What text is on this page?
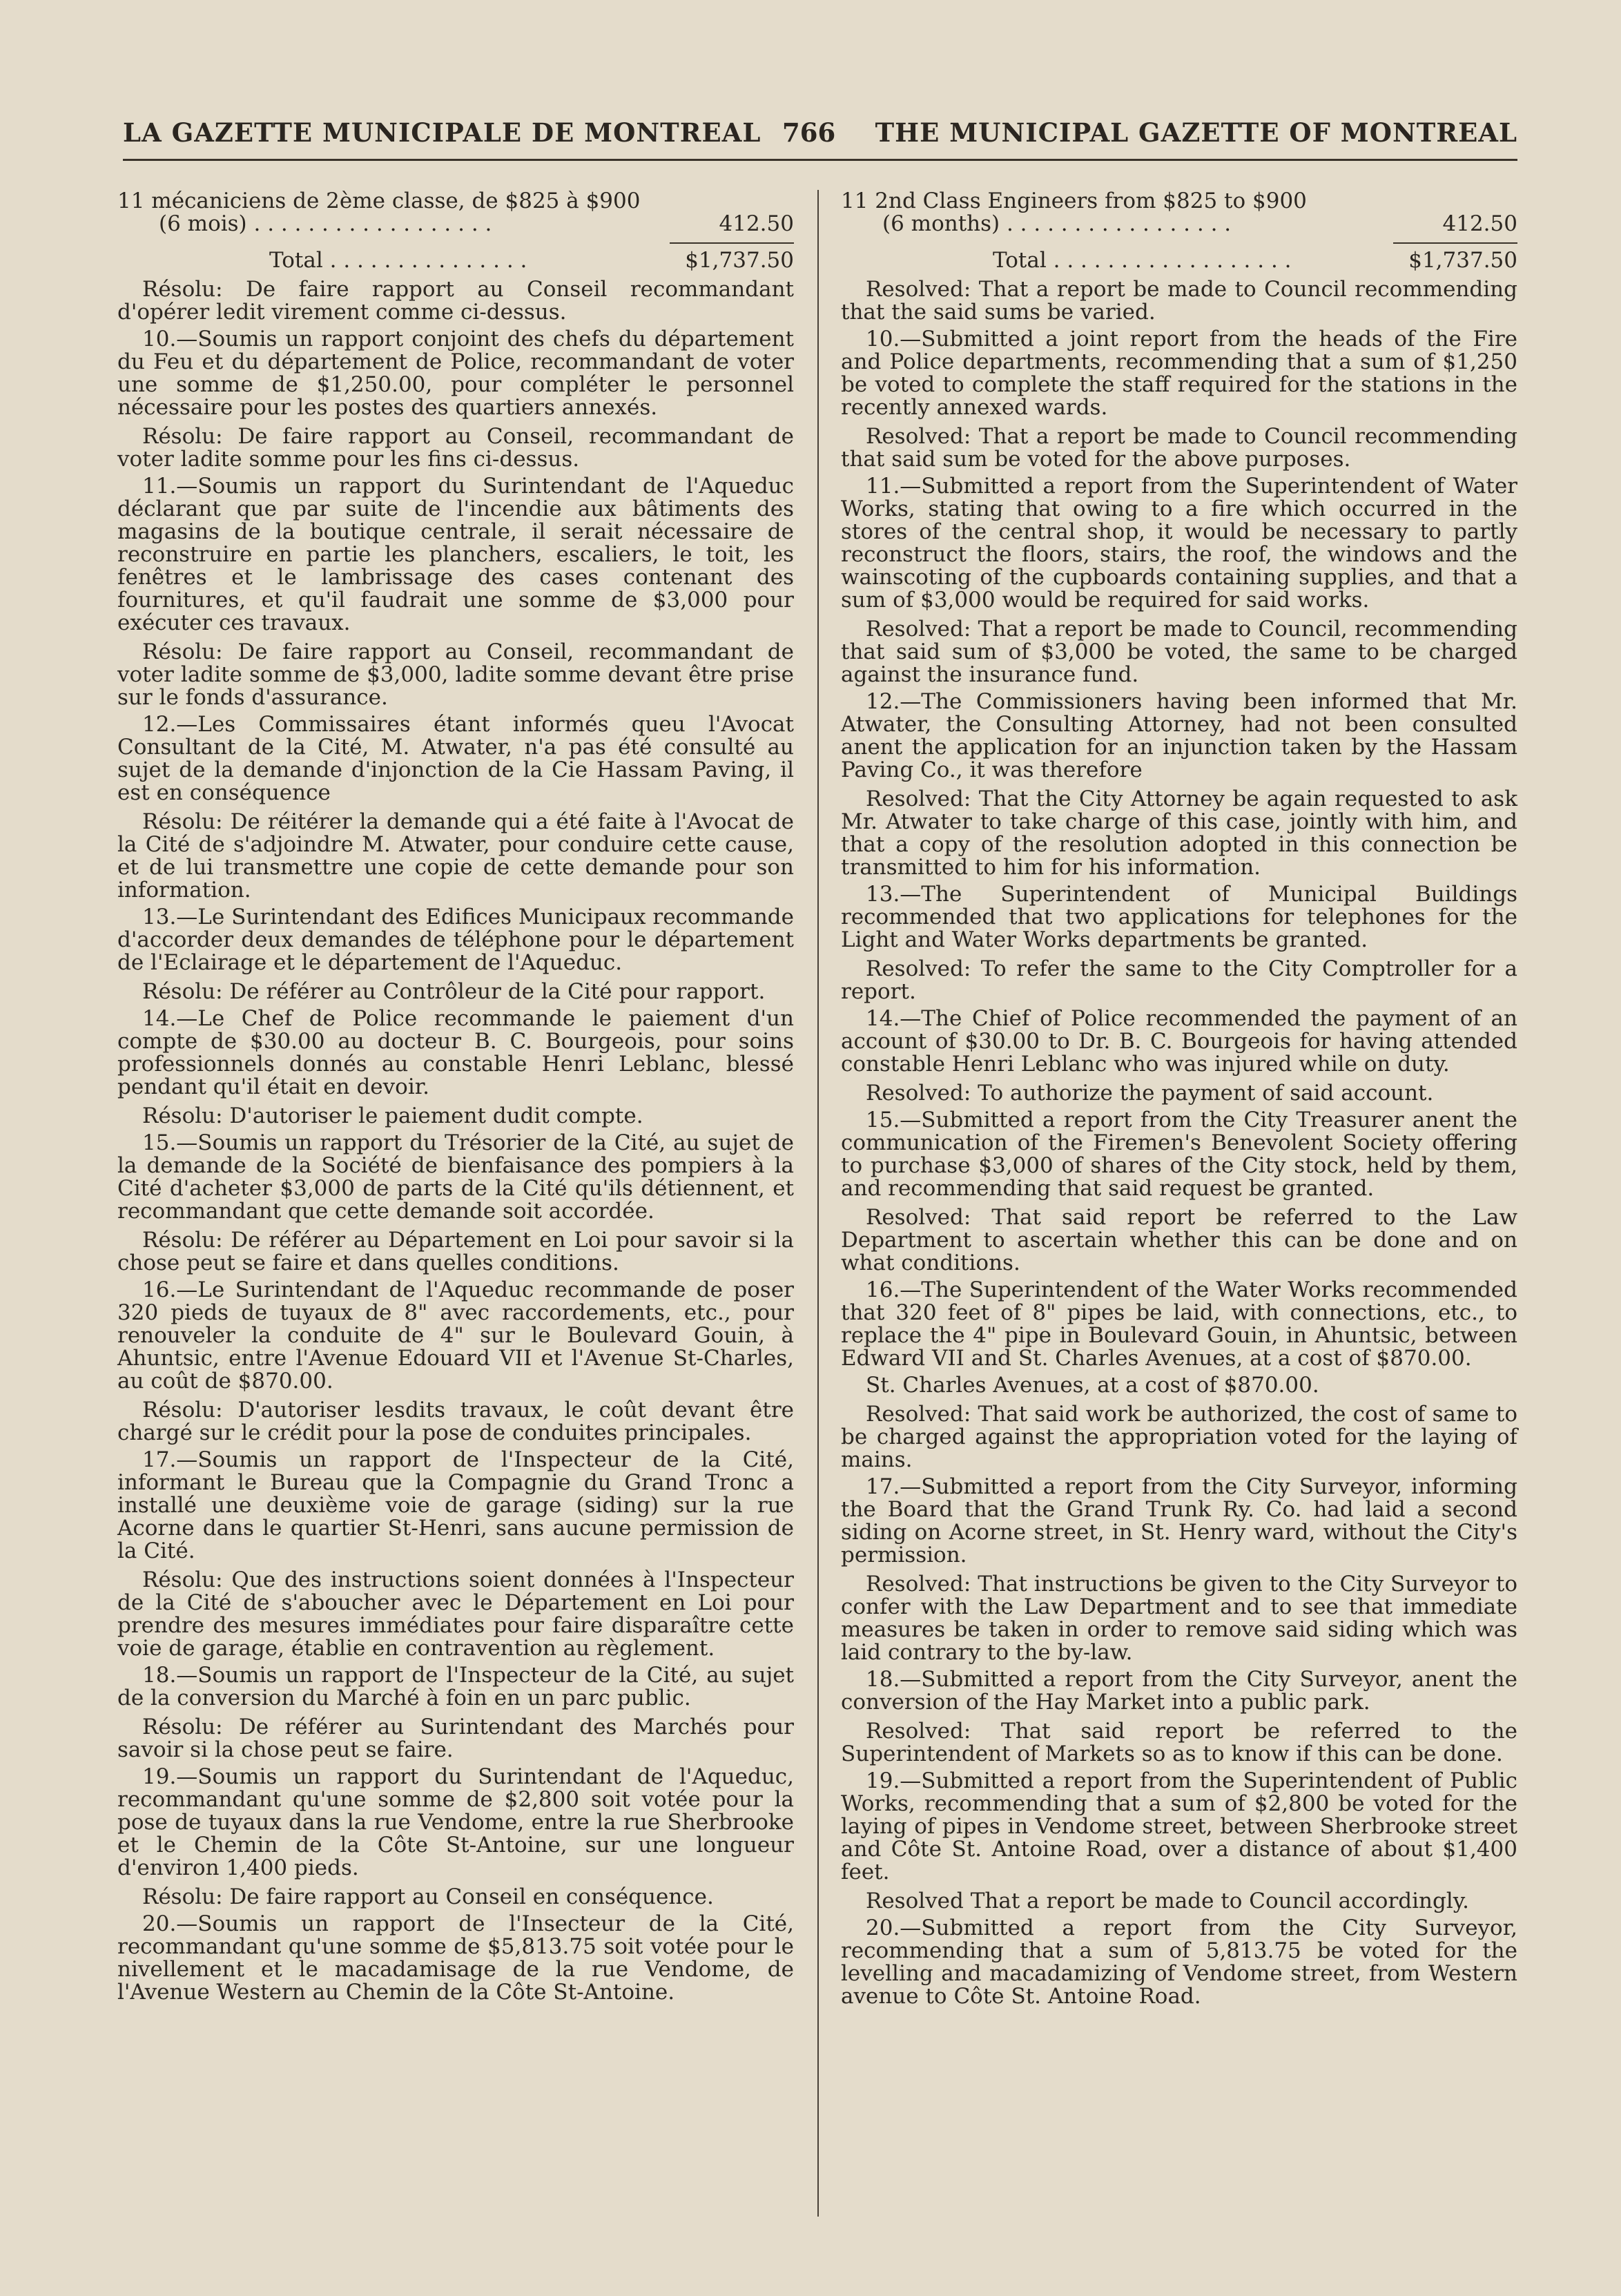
LA GAZETTE MUNICIPALE DE MONTREAL 766 THE MUNICIPAL GAZETTE OF MONTREAL

11 mécaniciens de 2ème classe, de $825 à $900

(6 mois) . . . . . . . . . . . . . . . . . .	412.50

Total . . . . . . . . . . . . . . .	$1,737.50

Résolu: De faire rapport au Conseil recommandant d'opérer ledit virement comme ci-dessus.

10.—Soumis un rapport conjoint des chefs du département du Feu et du département de Police, recommandant de voter une somme de $1,250.00, pour compléter le personnel nécessaire pour les postes des quartiers annexés.

Résolu: De faire rapport au Conseil, recommandant de voter ladite somme pour les fins ci-dessus.

11.—Soumis un rapport du Surintendant de l'Aqueduc déclarant que par suite de l'incendie aux bâtiments des magasins de la boutique centrale, il serait nécessaire de reconstruire en partie les planchers, escaliers, le toit, les fenêtres et le lambrissage des cases contenant des fournitures, et qu'il faudrait une somme de $3,000 pour exécuter ces travaux.

Résolu: De faire rapport au Conseil, recommandant de voter ladite somme de $3,000, ladite somme devant être prise sur le fonds d'assurance.

12.—Les Commissaires étant informés queu l'Avocat Consultant de la Cité, M. Atwater, n'a pas été consulté au sujet de la demande d'injonction de la Cie Hassam Paving, il est en conséquence

Résolu: De réitérer la demande qui a été faite à l'Avocat de la Cité de s'adjoindre M. Atwater, pour conduire cette cause, et de lui transmettre une copie de cette demande pour son information.

13.—Le Surintendant des Edifices Municipaux recommande d'accorder deux demandes de téléphone pour le département de l'Eclairage et le département de l'Aqueduc.

Résolu: De référer au Contrôleur de la Cité pour rapport.

14.—Le Chef de Police recommande le paiement d'un compte de $30.00 au docteur B. C. Bourgeois, pour soins professionnels donnés au constable Henri Leblanc, blessé pendant qu'il était en devoir.

Résolu: D'autoriser le paiement dudit compte.

15.—Soumis un rapport du Trésorier de la Cité, au sujet de la demande de la Société de bienfaisance des pompiers à la Cité d'acheter $3,000 de parts de la Cité qu'ils détiennent, et recommandant que cette demande soit accordée.

Résolu: De référer au Département en Loi pour savoir si la chose peut se faire et dans quelles conditions.

16.—Le Surintendant de l'Aqueduc recommande de poser 320 pieds de tuyaux de 8" avec raccordements, etc., pour renouveler la conduite de 4" sur le Boulevard Gouin, à Ahuntsic, entre l'Avenue Edouard VII et l'Avenue St-Charles, au coût de $870.00.

Résolu: D'autoriser lesdits travaux, le coût devant être chargé sur le crédit pour la pose de conduites principales.

17.—Soumis un rapport de l'Inspecteur de la Cité, informant le Bureau que la Compagnie du Grand Tronc a installé une deuxième voie de garage (siding) sur la rue Acorne dans le quartier St-Henri, sans aucune permission de la Cité.

Résolu: Que des instructions soient données à l'Inspecteur de la Cité de s'aboucher avec le Département en Loi pour prendre des mesures immédiates pour faire disparaître cette voie de garage, établie en contravention au règlement.

18.—Soumis un rapport de l'Inspecteur de la Cité, au sujet de la conversion du Marché à foin en un parc public.

Résolu: De référer au Surintendant des Marchés pour savoir si la chose peut se faire.

19.—Soumis un rapport du Surintendant de l'Aqueduc, recommandant qu'une somme de $2,800 soit votée pour la pose de tuyaux dans la rue Vendome, entre la rue Sherbrooke et le Chemin de la Côte St-Antoine, sur une longueur d'environ 1,400 pieds.

Résolu: De faire rapport au Conseil en conséquence.

20.—Soumis un rapport de l'Insecteur de la Cité, recommandant qu'une somme de $5,813.75 soit votée pour le nivellement et le macadamisage de la rue Vendome, de l'Avenue Western au Chemin de la Côte St-Antoine.

11 2nd Class Engineers from $825 to $900

(6 months) . . . . . . . . . . . . . . . . .	412.50

Total . . . . . . . . . . . . . . . . . .	$1,737.50

Resolved: That a report be made to Council recommending that the said sums be varied.

10.—Submitted a joint report from the heads of the Fire and Police departments, recommending that a sum of $1,250 be voted to complete the staff required for the stations in the recently annexed wards.

Resolved: That a report be made to Council recommending that said sum be voted for the above purposes.

11.—Submitted a report from the Superintendent of Water Works, stating that owing to a fire which occurred in the stores of the central shop, it would be necessary to partly reconstruct the floors, stairs, the roof, the windows and the wainscoting of the cupboards containing supplies, and that a sum of $3,000 would be required for said works.

Resolved: That a report be made to Council, recommending that said sum of $3,000 be voted, the same to be charged against the insurance fund.

12.—The Commissioners having been informed that Mr. Atwater, the Consulting Attorney, had not been consulted anent the application for an injunction taken by the Hassam Paving Co., it was therefore

Resolved: That the City Attorney be again requested to ask Mr. Atwater to take charge of this case, jointly with him, and that a copy of the resolution adopted in this connection be transmitted to him for his information.

13.—The Superintendent of Municipal Buildings recommended that two applications for telephones for the Light and Water Works departments be granted.

Resolved: To refer the same to the City Comptroller for a report.

14.—The Chief of Police recommended the payment of an account of $30.00 to Dr. B. C. Bourgeois for having attended constable Henri Leblanc who was injured while on duty.

Resolved: To authorize the payment of said account.

15.—Submitted a report from the City Treasurer anent the communication of the Firemen's Benevolent Society offering to purchase $3,000 of shares of the City stock, held by them, and recommending that said request be granted.

Resolved: That said report be referred to the Law Department to ascertain whether this can be done and on what conditions.

16.—The Superintendent of the Water Works recommended that 320 feet of 8" pipes be laid, with connections, etc., to replace the 4" pipe in Boulevard Gouin, in Ahuntsic, between Edward VII and St. Charles Avenues, at a cost of $870.00.

St. Charles Avenues, at a cost of $870.00.

Resolved: That said work be authorized, the cost of same to be charged against the appropriation voted for the laying of mains.

17.—Submitted a report from the City Surveyor, informing the Board that the Grand Trunk Ry. Co. had laid a second siding on Acorne street, in St. Henry ward, without the City's permission.

Resolved: That instructions be given to the City Surveyor to confer with the Law Department and to see that immediate measures be taken in order to remove said siding which was laid contrary to the by-law.

18.—Submitted a report from the City Surveyor, anent the conversion of the Hay Market into a public park.

Resolved: That said report be referred to the Superintendent of Markets so as to know if this can be done.

19.—Submitted a report from the Superintendent of Public Works, recommending that a sum of $2,800 be voted for the laying of pipes in Vendome street, between Sherbrooke street and Côte St. Antoine Road, over a distance of about $1,400 feet.

Resolved That a report be made to Council accordingly.

20.—Submitted a report from the City Surveyor, recommending that a sum of 5,813.75 be voted for the levelling and macadamizing of Vendome street, from Western avenue to Côte St. Antoine Road.
